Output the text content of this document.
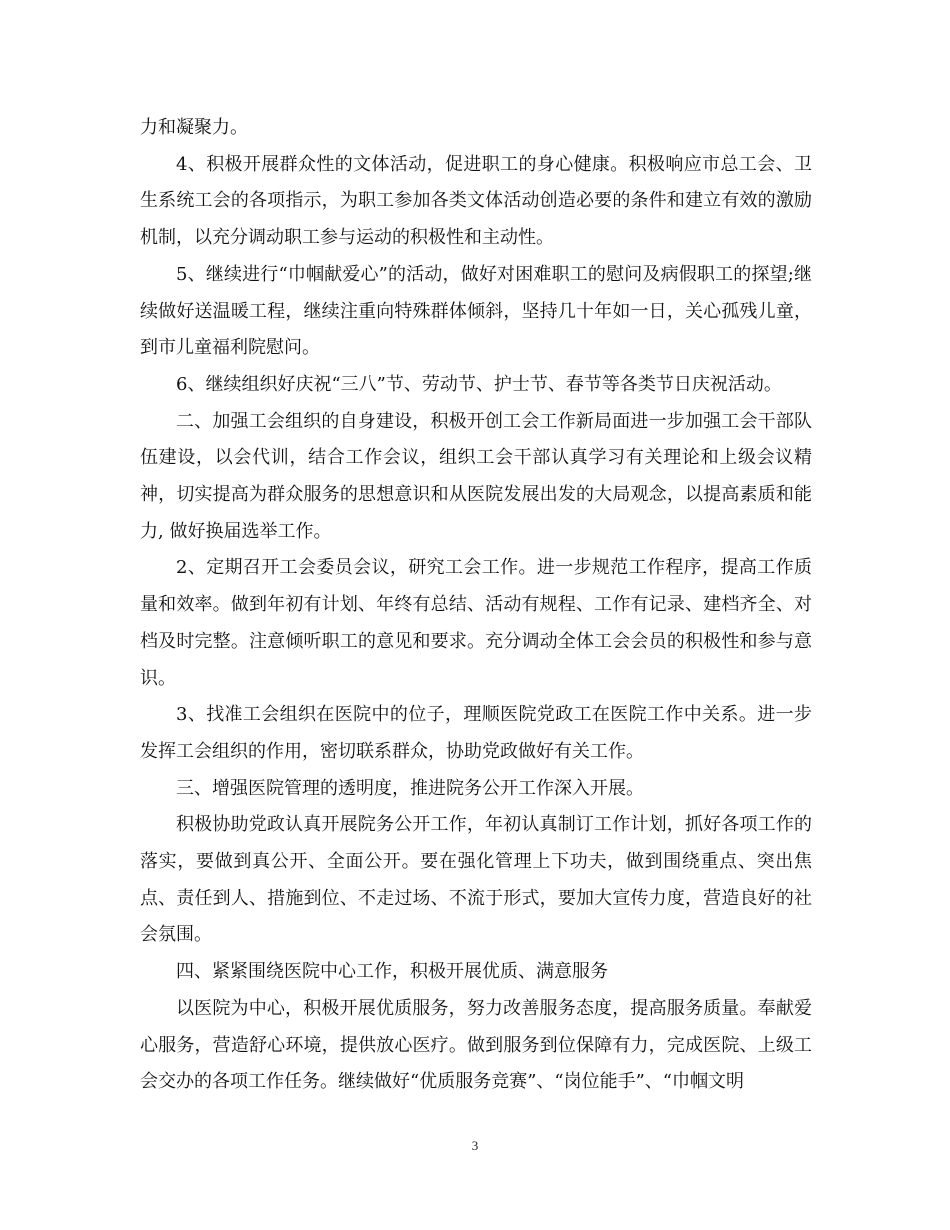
力和凝聚力。

4、积极开展群众性的文体活动，促进职工的身心健康。积极响应市总工会、卫生系统工会的各项指示，为职工参加各类文体活动创造必要的条件和建立有效的激励机制，以充分调动职工参与运动的积极性和主动性。

5、继续进行“巾帼献爱心”的活动，做好对困难职工的慰问及病假职工的探望;继续做好送温暖工程，继续注重向特殊群体倾斜，坚持几十年如一日，关心孤残儿童，到市儿童福利院慰问。

6、继续组织好庆祝“三八”节、劳动节、护士节、春节等各类节日庆祝活动。

二、加强工会组织的自身建设，积极开创工会工作新局面进一步加强工会干部队伍建设，以会代训，结合工作会议，组织工会干部认真学习有关理论和上级会议精神，切实提高为群众服务的思想意识和从医院发展出发的大局观念，以提高素质和能力, 做好换届选举工作。

2、定期召开工会委员会议，研究工会工作。进一步规范工作程序，提高工作质量和效率。做到年初有计划、年终有总结、活动有规程、工作有记录、建档齐全、对档及时完整。注意倾听职工的意见和要求。充分调动全体工会会员的积极性和参与意识。

3、找准工会组织在医院中的位子，理顺医院党政工在医院工作中关系。进一步发挥工会组织的作用，密切联系群众，协助党政做好有关工作。

三、增强医院管理的透明度，推进院务公开工作深入开展。

积极协助党政认真开展院务公开工作，年初认真制订工作计划，抓好各项工作的落实，要做到真公开、全面公开。要在强化管理上下功夫，做到围绕重点、突出焦点、责任到人、措施到位、不走过场、不流于形式，要加大宣传力度，营造良好的社会氛围。

四、紧紧围绕医院中心工作，积极开展优质、满意服务

以医院为中心，积极开展优质服务，努力改善服务态度，提高服务质量。奉献爱心服务，营造舒心环境，提供放心医疗。做到服务到位保障有力，完成医院、上级工会交办的各项工作任务。继续做好“优质服务竞赛”、“岗位能手”、“巾帼文明

3
